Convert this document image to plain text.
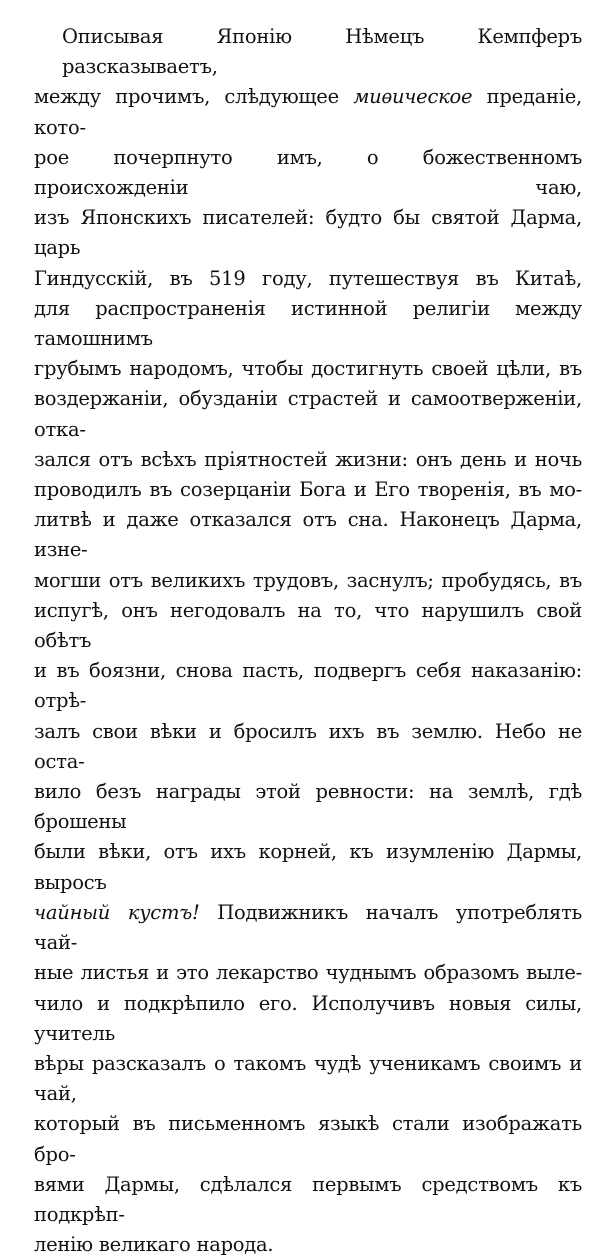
Описывая Японію Нѣмецъ Кемпферъ разсказываетъ,
между прочимъ, слѣдующее миѳическое преданіе, кото-
рое почерпнуто имъ, о божественномъ происхожденіи чаю,
изъ Японскихъ писателей: будто бы святой Дарма, царь
Гиндусскій, въ 519 году, путешествуя въ Китаѣ,
для распространенія истинной религіи между тамошнимъ
грубымъ народомъ, чтобы достигнуть своей цѣли, въ
воздержаніи, обузданіи страстей и самоотверженіи, отка-
зался отъ всѣхъ пріятностей жизни: онъ день и ночь
проводилъ въ созерцаніи Бога и Его творенія, въ мо-
литвѣ и даже отказался отъ сна. Наконецъ Дарма, изне-
могши отъ великихъ трудовъ, заснулъ; пробудясь, въ
испугѣ, онъ негодовалъ на то, что нарушилъ свой обѣтъ
и въ боязни, снова пасть, подвергъ себя наказанію: отрѣ-
залъ свои вѣки и бросилъ ихъ въ землю. Небо не оста-
вило безъ награды этой ревности: на землѣ, гдѣ брошены
были вѣки, отъ ихъ корней, къ изумленію Дармы, выросъ
чайный кустъ! Подвижникъ началъ употреблять чай-
ные листья и это лекарство чуднымъ образомъ выле-
чило и подкрѣпило его. Исполучивъ новыя силы, учитель
вѣры разсказалъ о такомъ чудѣ ученикамъ своимъ и чай,
который въ письменномъ языкѣ стали изображать бро-
вями Дармы, сдѣлался первымъ средствомъ къ подкрѣп-
ленію великаго народа.
